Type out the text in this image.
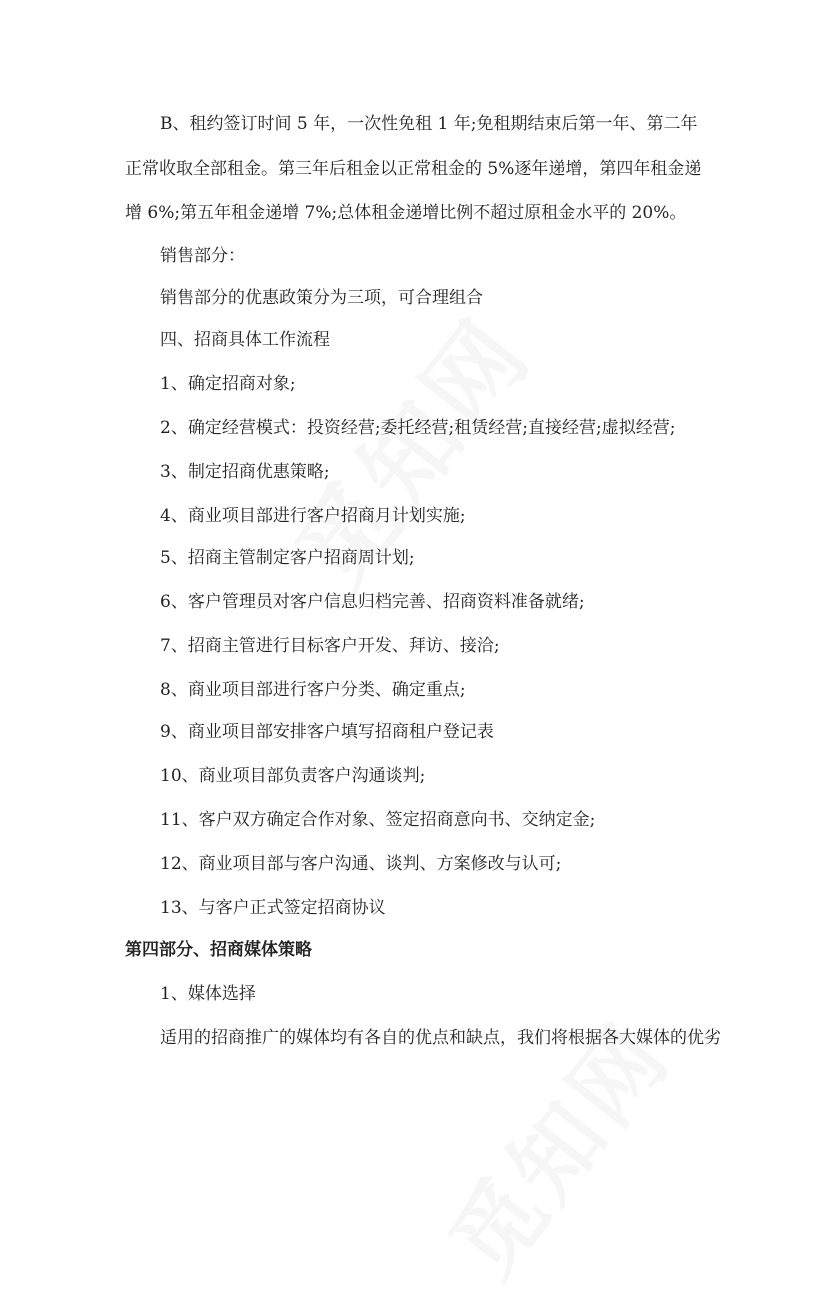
B、租约签订时间 5 年，一次性免租 1 年;免租期结束后第一年、第二年正常收取全部租金。第三年后租金以正常租金的 5%逐年递增，第四年租金递增 6%;第五年租金递增 7%;总体租金递增比例不超过原租金水平的 20%。
销售部分：
销售部分的优惠政策分为三项，可合理组合
四、招商具体工作流程
1、确定招商对象;
2、确定经营模式：投资经营;委托经营;租赁经营;直接经营;虚拟经营;
3、制定招商优惠策略;
4、商业项目部进行客户招商月计划实施;
5、招商主管制定客户招商周计划;
6、客户管理员对客户信息归档完善、招商资料准备就绪;
7、招商主管进行目标客户开发、拜访、接洽;
8、商业项目部进行客户分类、确定重点;
9、商业项目部安排客户填写招商租户登记表
10、商业项目部负责客户沟通谈判;
11、客户双方确定合作对象、签定招商意向书、交纳定金;
12、商业项目部与客户沟通、谈判、方案修改与认可;
13、与客户正式签定招商协议
第四部分、招商媒体策略
1、媒体选择
适用的招商推广的媒体均有各自的优点和缺点，我们将根据各大媒体的优劣
